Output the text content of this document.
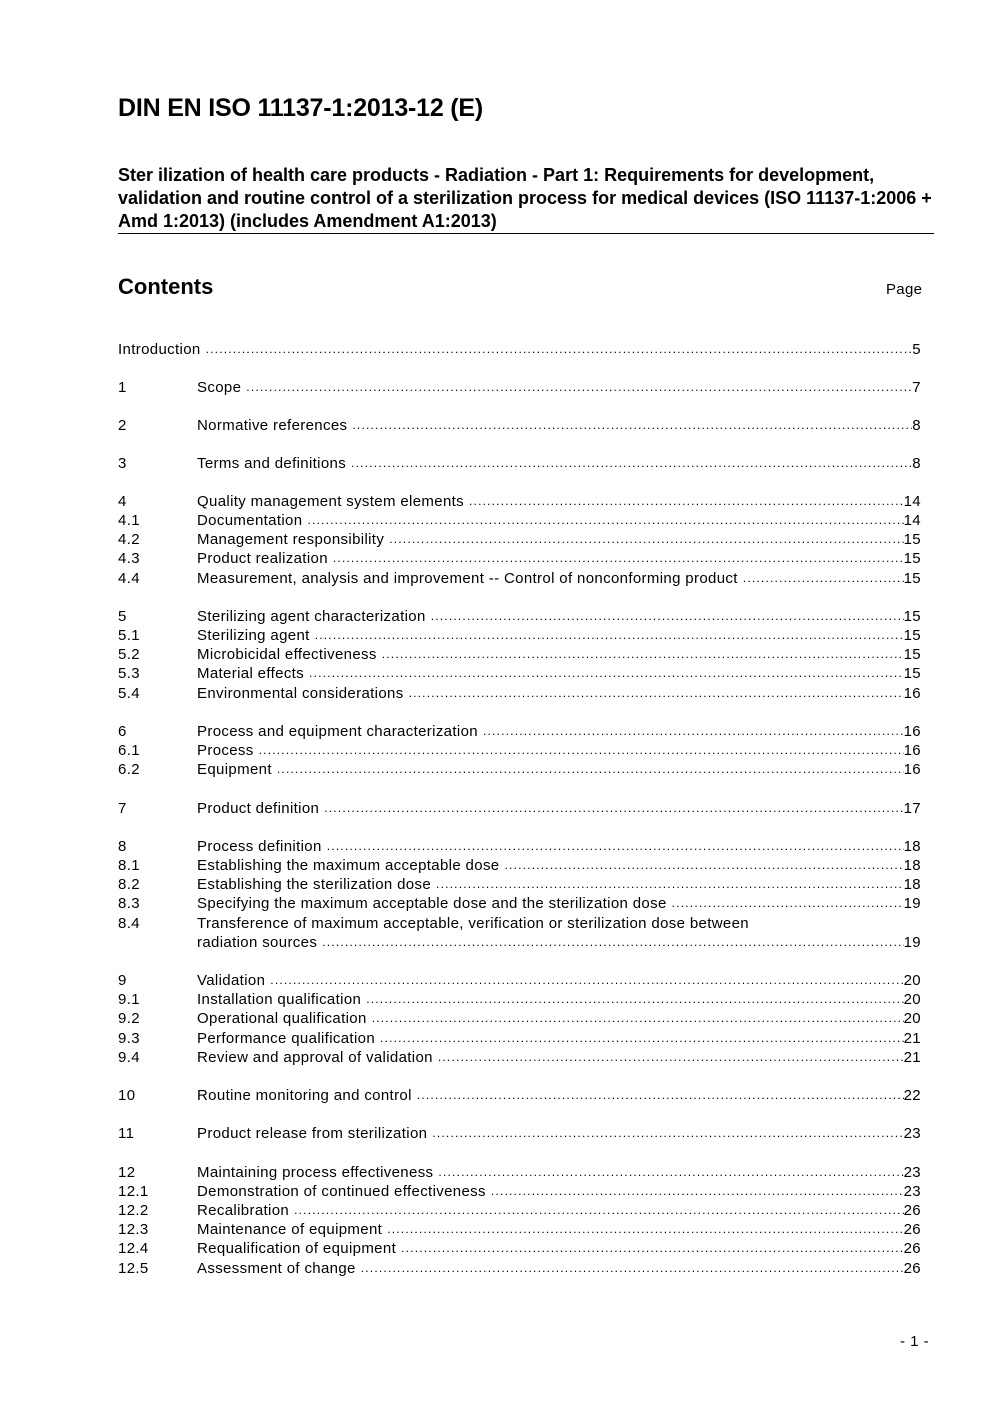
DIN EN ISO 11137-1:2013-12 (E)
Ster ilization of health care products - Radiation - Part 1: Requirements for development, validation and routine control of a sterilization process for medical devices (ISO 11137-1:2006 + Amd 1:2013) (includes Amendment A1:2013)
Contents	Page
Introduction .....	5
1	Scope .....	7
2	Normative references .....	8
3	Terms and definitions .....	8
4	Quality management system elements .....	14
4.1	Documentation .....	14
4.2	Management responsibility .....	15
4.3	Product realization .....	15
4.4	Measurement, analysis and improvement -- Control of nonconforming product .....	15
5	Sterilizing agent characterization .....	15
5.1	Sterilizing agent .....	15
5.2	Microbicidal effectiveness .....	15
5.3	Material effects .....	15
5.4	Environmental considerations .....	16
6	Process and equipment characterization .....	16
6.1	Process .....	16
6.2	Equipment .....	16
7	Product definition .....	17
8	Process definition .....	18
8.1	Establishing the maximum acceptable dose .....	18
8.2	Establishing the sterilization dose .....	18
8.3	Specifying the maximum acceptable dose and the sterilization dose .....	19
8.4	Transference of maximum acceptable, verification or sterilization dose between
radiation sources .....	19
9	Validation .....	20
9.1	Installation qualification .....	20
9.2	Operational qualification .....	20
9.3	Performance qualification .....	21
9.4	Review and approval of validation .....	21
10	Routine monitoring and control .....	22
11	Product release from sterilization .....	23
12	Maintaining process effectiveness .....	23
12.1	Demonstration of continued effectiveness .....	23
12.2	Recalibration .....	26
12.3	Maintenance of equipment .....	26
12.4	Requalification of equipment .....	26
12.5	Assessment of change .....	26
- 1 -
